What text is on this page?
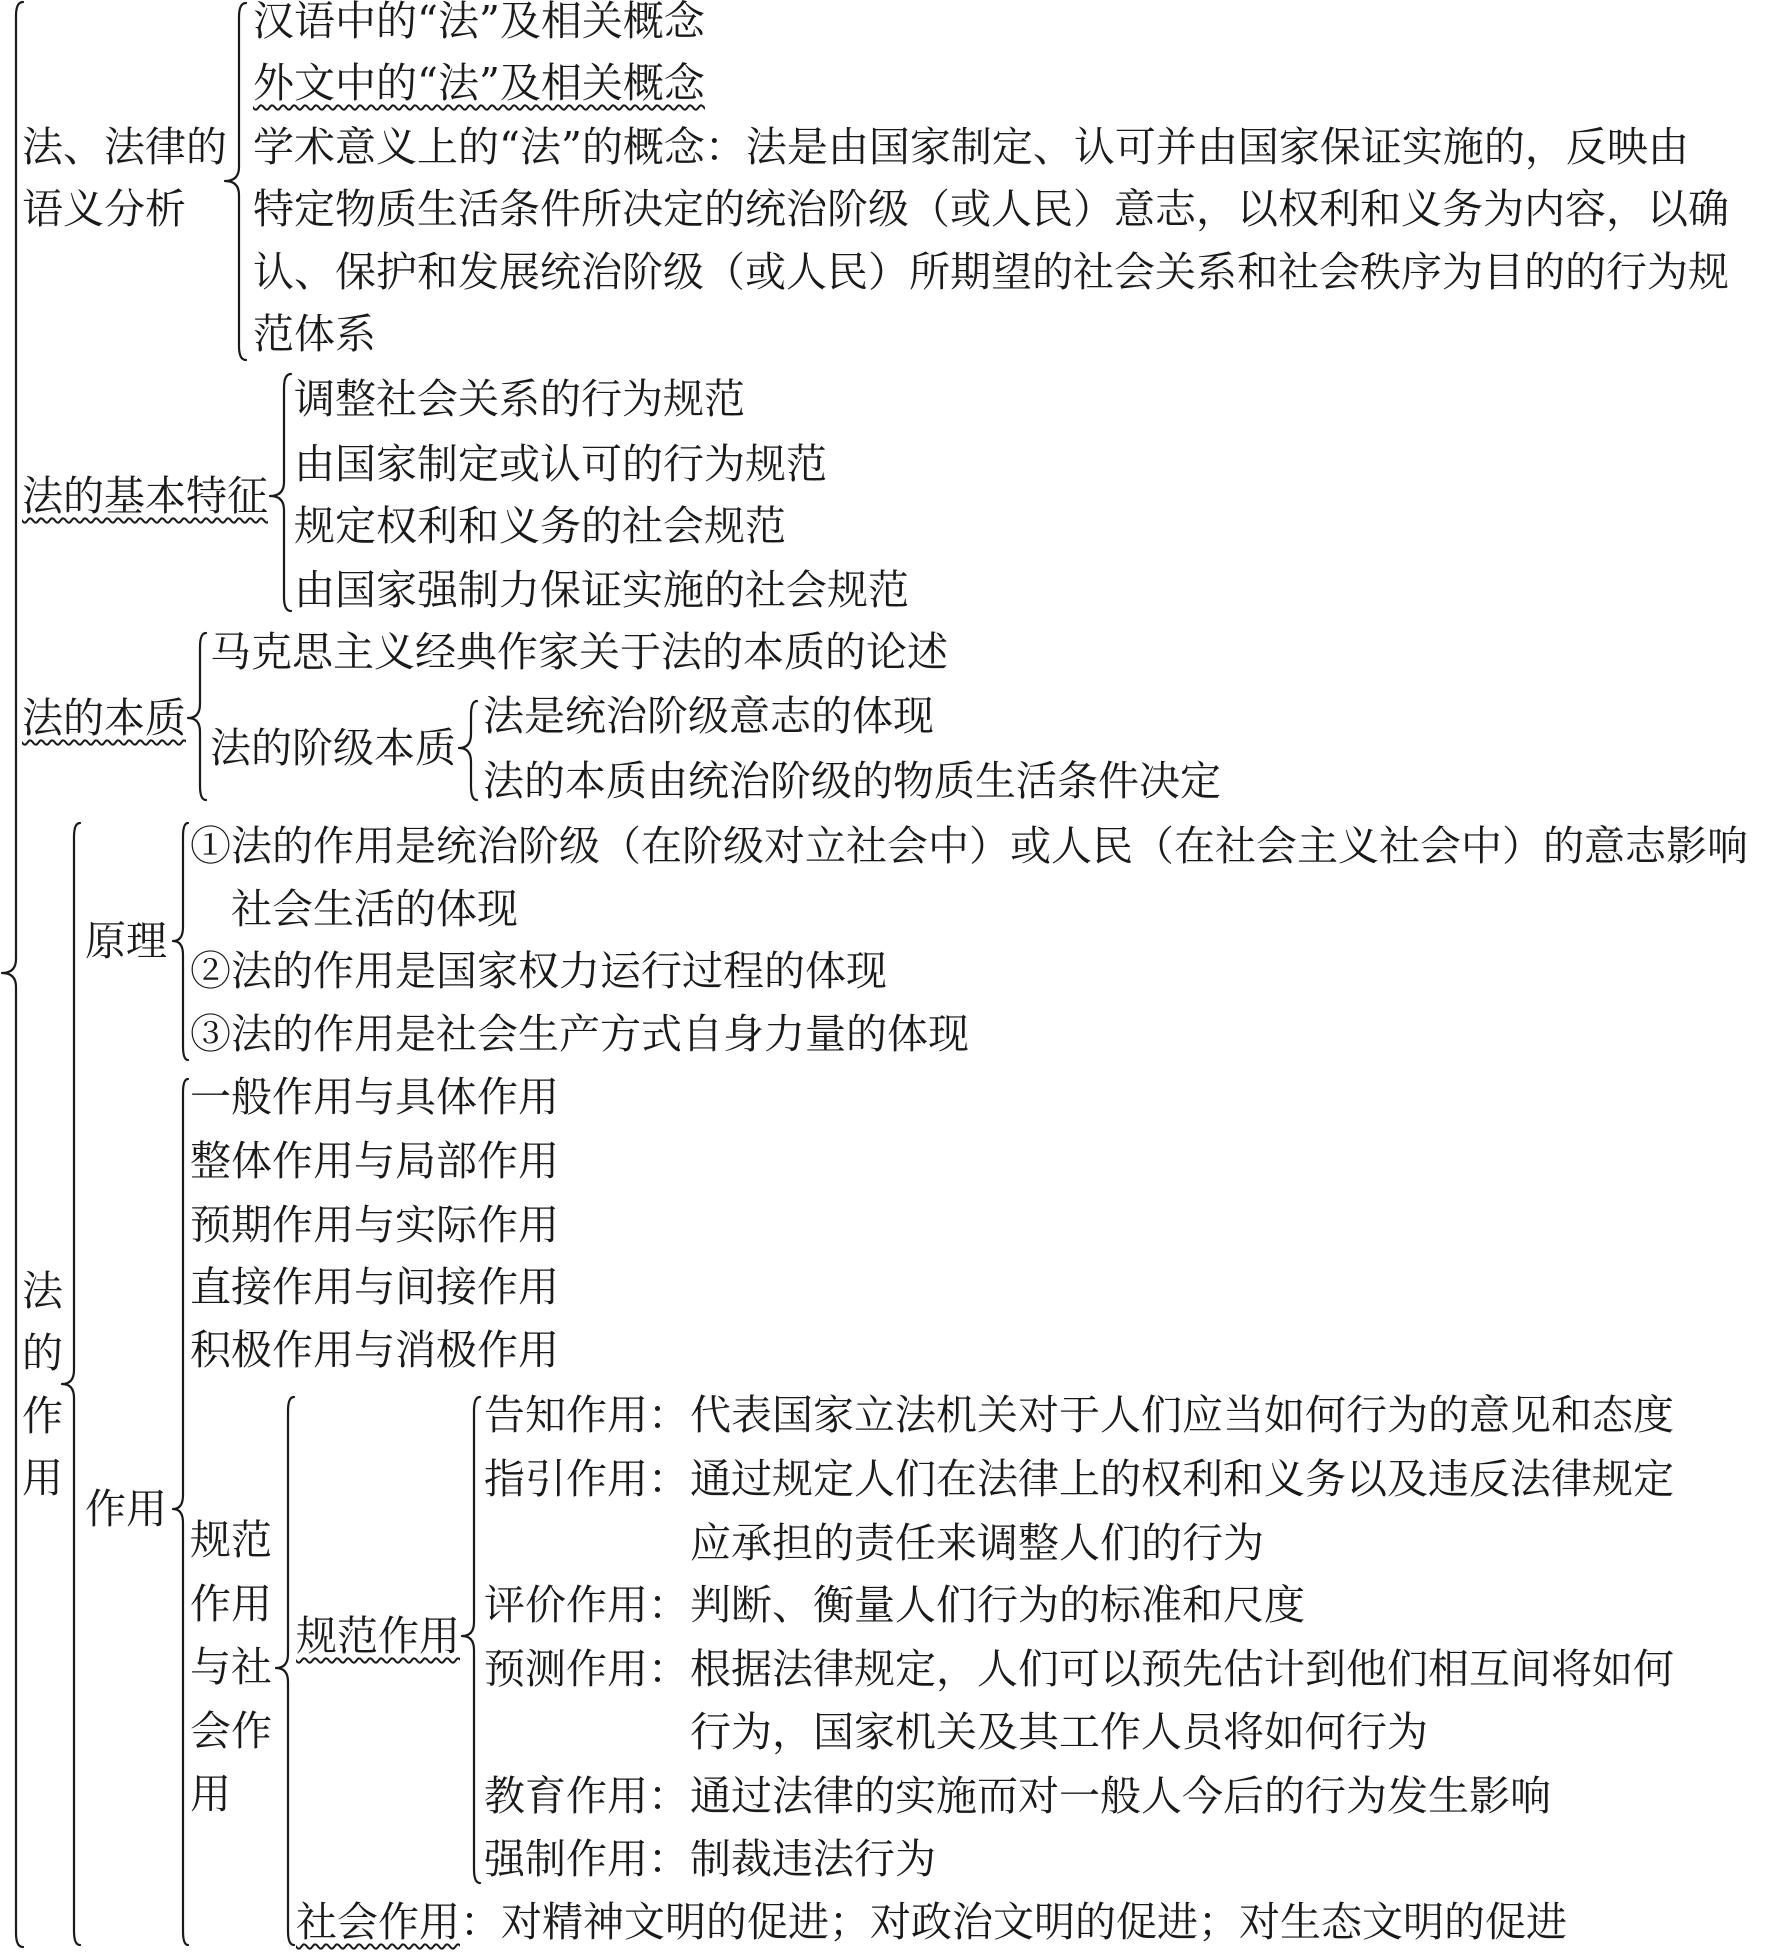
法、法律的
语义分析
汉语中的“法”及相关概念
外文中的“法”及相关概念
学术意义上的“法”的概念：法是由国家制定、认可并由国家保证实施的，反映由
特定物质生活条件所决定的统治阶级（或人民）意志，以权利和义务为内容，以确
认、保护和发展统治阶级（或人民）所期望的社会关系和社会秩序为目的的行为规
范体系
法的基本特征
调整社会关系的行为规范
由国家制定或认可的行为规范
规定权利和义务的社会规范
由国家强制力保证实施的社会规范
法的本质
马克思主义经典作家关于法的本质的论述
法的阶级本质
法是统治阶级意志的体现
法的本质由统治阶级的物质生活条件决定
法的作用
原理
①法的作用是统治阶级（在阶级对立社会中）或人民（在社会主义社会中）的意志影响
社会生活的体现
②法的作用是国家权力运行过程的体现
③法的作用是社会生产方式自身力量的体现
作用
一般作用与具体作用
整体作用与局部作用
预期作用与实际作用
直接作用与间接作用
积极作用与消极作用
规范作用与社会作用
规范作用
告知作用： 代表国家立法机关对于人们应当如何行为的意见和态度
指引作用： 通过规定人们在法律上的权利和义务以及违反法律规定
应承担的责任来调整人们的行为
评价作用： 判断、衡量人们行为的标准和尺度
预测作用： 根据法律规定，人们可以预先估计到他们相互间将如何
行为，国家机关及其工作人员将如何行为
教育作用： 通过法律的实施而对一般人今后的行为发生影响
强制作用： 制裁违法行为
社会作用：对精神文明的促进；对政治文明的促进；对生态文明的促进
